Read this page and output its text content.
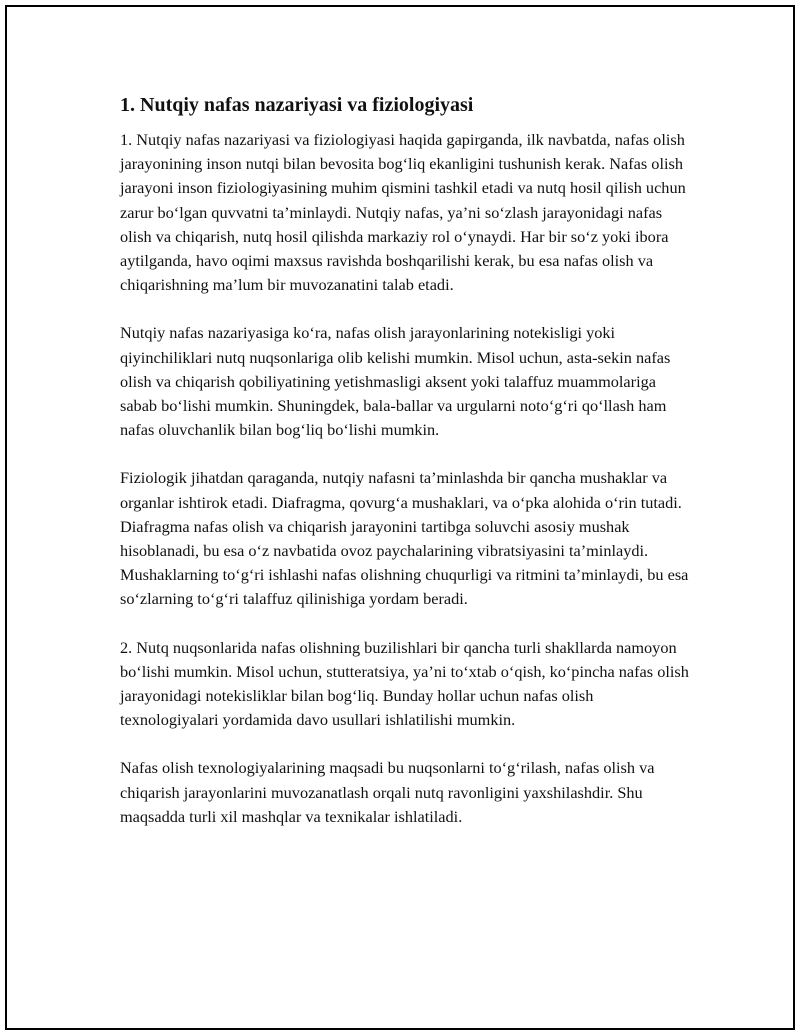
1. Nutqiy nafas nazariyasi va fiziologiyasi

1. Nutqiy nafas nazariyasi va fiziologiyasi haqida gapirganda, ilk navbatda, nafas olish jarayonining inson nutqi bilan bevosita bog‘liq ekanligini tushunish kerak. Nafas olish jarayoni inson fiziologiyasining muhim qismini tashkil etadi va nutq hosil qilish uchun zarur bo‘lgan quvvatni ta’minlaydi. Nutqiy nafas, ya’ni so‘zlash jarayonidagi nafas olish va chiqarish, nutq hosil qilishda markaziy rol o‘ynaydi. Har bir so‘z yoki ibora aytilganda, havo oqimi maxsus ravishda boshqarilishi kerak, bu esa nafas olish va chiqarishning ma’lum bir muvozanatini talab etadi.

Nutqiy nafas nazariyasiga ko‘ra, nafas olish jarayonlarining notekisligi yoki qiyinchiliklari nutq nuqsonlariga olib kelishi mumkin. Misol uchun, asta-sekin nafas olish va chiqarish qobiliyatining yetishmasligi aksent yoki talaffuz muammolariga sabab bo‘lishi mumkin. Shuningdek, bala-ballar va urgularni noto‘g‘ri qo‘llash ham nafas oluvchanlik bilan bog‘liq bo‘lishi mumkin.

Fiziologik jihatdan qaraganda, nutqiy nafasni ta’minlashda bir qancha mushaklar va organlar ishtirok etadi. Diafragma, qovurg‘a mushaklari, va o‘pka alohida o‘rin tutadi. Diafragma nafas olish va chiqarish jarayonini tartibga soluvchi asosiy mushak hisoblanadi, bu esa o‘z navbatida ovoz paychalarining vibratsiyasini ta’minlaydi. Mushaklarning to‘g‘ri ishlashi nafas olishning chuqurligi va ritmini ta’minlaydi, bu esa so‘zlarning to‘g‘ri talaffuz qilinishiga yordam beradi.

2. Nutq nuqsonlarida nafas olishning buzilishlari bir qancha turli shakllarda namoyon bo‘lishi mumkin. Misol uchun, stutteratsiya, ya’ni to‘xtab o‘qish, ko‘pincha nafas olish jarayonidagi notekisliklar bilan bog‘liq. Bunday hollar uchun nafas olish texnologiyalari yordamida davo usullari ishlatilishi mumkin.

Nafas olish texnologiyalarining maqsadi bu nuqsonlarni to‘g‘rilash, nafas olish va chiqarish jarayonlarini muvozanatlash orqali nutq ravonligini yaxshilashdir. Shu maqsadda turli xil mashqlar va texnikalar ishlatiladi.
